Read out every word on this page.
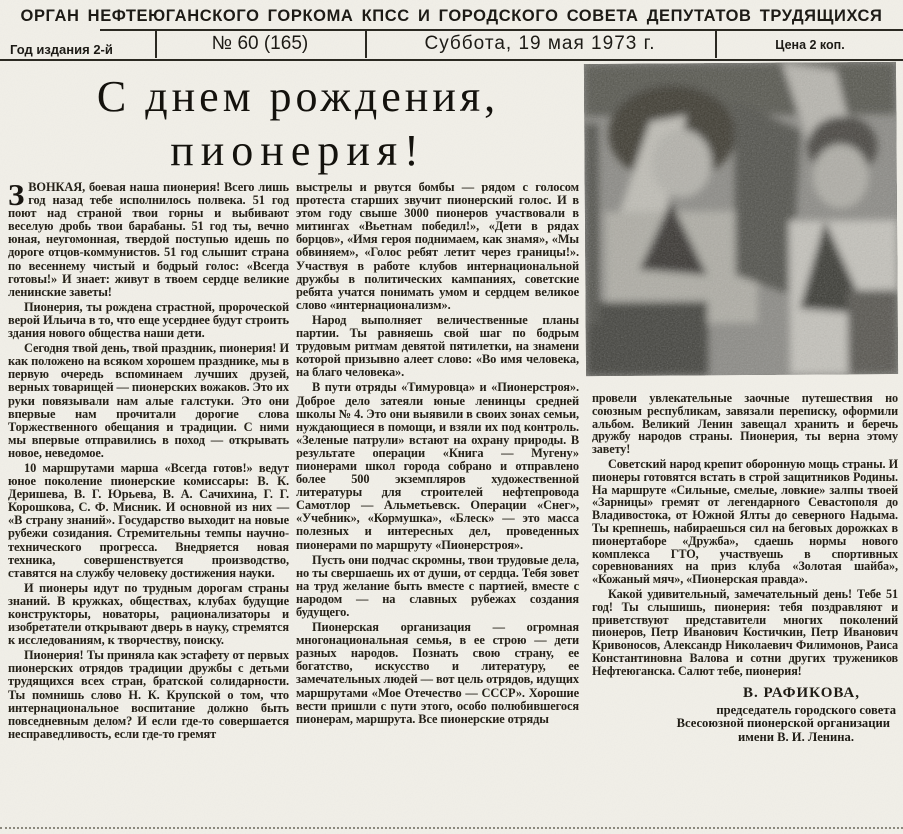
ОРГАН НЕФТЕЮГАНСКОГО ГОРКОМА КПСС И ГОРОДСКОГО СОВЕТА ДЕПУТАТОВ ТРУДЯЩИХСЯ
Год издания 2-й	№ 60 (165)	Суббота, 19 мая 1973 г.	Цена 2 коп.
С днем рождения,
пионерия!

ЗВОНКАЯ, боевая наша пионерия! Всего лишь год назад тебе исполнилось полвека. 51 год поют над страной твои горны и выбивают веселую дробь твои барабаны. 51 год ты, вечно юная, неугомонная, твердой поступью идешь по дороге отцов-коммунистов. 51 год слышит страна по весеннему чистый и бодрый голос: «Всегда готовы!» И знает: живут в твоем сердце великие ленинские заветы!

Пионерия, ты рождена страстной, пророческой верой Ильича в то, что еще усерднее будут строить здания нового общества наши дети.

Сегодня твой день, твой праздник, пионерия! И как положено на всяком хорошем празднике, мы в первую очередь вспоминаем лучших друзей, верных товарищей — пионерских вожаков. Это их руки повязывали нам алые галстуки. Это они впервые нам прочитали дорогие слова Торжественного обещания и традиции. С ними мы впервые отправились в поход — открывать новое, неведомое.

10 маршрутами марша «Всегда готов!» ведут юное поколение пионерские комиссары: В. К. Деришева, В. Г. Юрьева, В. А. Сачихина, Г. Г. Корошкова, С. Ф. Мисник. И основной из них — «В страну знаний». Государство выходит на новые рубежи созидания. Стремительны темпы научно-технического прогресса. Внедряется новая техника, совершенствуется производство, ставятся на службу человеку достижения науки.

И пионеры идут по трудным дорогам страны знаний. В кружках, обществах, клубах будущие конструкторы, новаторы, рационализаторы и изобретатели открывают дверь в науку, стремятся к исследованиям, к творчеству, поиску.

Пионерия! Ты приняла как эстафету от первых пионерских отрядов традиции дружбы с детьми трудящихся всех стран, братской солидарности. Ты помнишь слово Н. К. Крупской о том, что интернациональное воспитание должно быть повседневным делом? И если где-то совершается несправедливость, если где-то гремят

выстрелы и рвутся бомбы — рядом с голосом протеста старших звучит пионерский голос. И в этом году свыше 3000 пионеров участвовали в митингах «Вьетнам победил!», «Дети в рядах борцов», «Имя героя поднимаем, как знамя», «Мы обвиняем», «Голос ребят летит через границы!». Участвуя в работе клубов интернациональной дружбы в политических кампаниях, советские ребята учатся понимать умом и сердцем великое слово «интернационализм».

Народ выполняет величественные планы партии. Ты равняешь свой шаг по бодрым трудовым ритмам девятой пятилетки, на знамени которой призывно алеет слово: «Во имя человека, на благо человека».

В пути отряды «Тимуровца» и «Пионерстроя». Доброе дело затеяли юные ленинцы средней школы № 4. Это они выявили в своих зонах семьи, нуждающиеся в помощи, и взяли их под контроль. «Зеленые патрули» встают на охрану природы. В результате операции «Книга — Мугену» пионерами школ города собрано и отправлено более 500 экземпляров художественной литературы для строителей нефтепровода Самотлор — Альметьевск. Операции «Снег», «Учебник», «Кормушка», «Блеск» — это масса полезных и интересных дел, проведенных пионерами по маршруту «Пионерстроя».

Пусть они подчас скромны, твои трудовые дела, но ты свершаешь их от души, от сердца. Тебя зовет на труд желание быть вместе с партией, вместе с народом — на славных рубежах создания будущего.

Пионерская организация — огромная многонациональная семья, в ее строю — дети разных народов. Познать свою страну, ее богатство, искусство и литературу, ее замечательных людей — вот цель отрядов, идущих маршрутами «Мое Отечество — СССР». Хорошие вести пришли с пути этого, особо полюбившегося пионерам, маршрута. Все пионерские отряды

провели увлекательные заочные путешествия но союзным республикам, завязали переписку, оформили альбом. Великий Ленин завещал хранить и беречь дружбу народов страны. Пионерия, ты верна этому завету!

Советский народ крепит оборонную мощь страны. И пионеры готовятся встать в строй защитников Родины. На маршруте «Сильные, смелые, ловкие» залпы твоей «Зарницы» гремят от легендарного Севастополя до Владивостока, от Южной Ялты до северного Надыма. Ты крепнешь, набираешься сил на беговых дорожках в пионертаборе «Дружба», сдаешь нормы нового комплекса ГТО, участвуешь в спортивных соревнованиях на приз клуба «Золотая шайба», «Кожаный мяч», «Пионерская правда».

Какой удивительный, замечательный день! Тебе 51 год! Ты слышишь, пионерия: тебя поздравляют и приветствуют представители многих поколений пионеров, Петр Иванович Костичкин, Петр Иванович Кривоносов, Александр Николаевич Филимонов, Раиса Константиновна Валова и сотни других тружеников Нефтеюганска. Салют тебе, пионерия!

В. РАФИКОВА,
председатель городского совета
Всесоюзной пионерской организации
имени В. И. Ленина.
